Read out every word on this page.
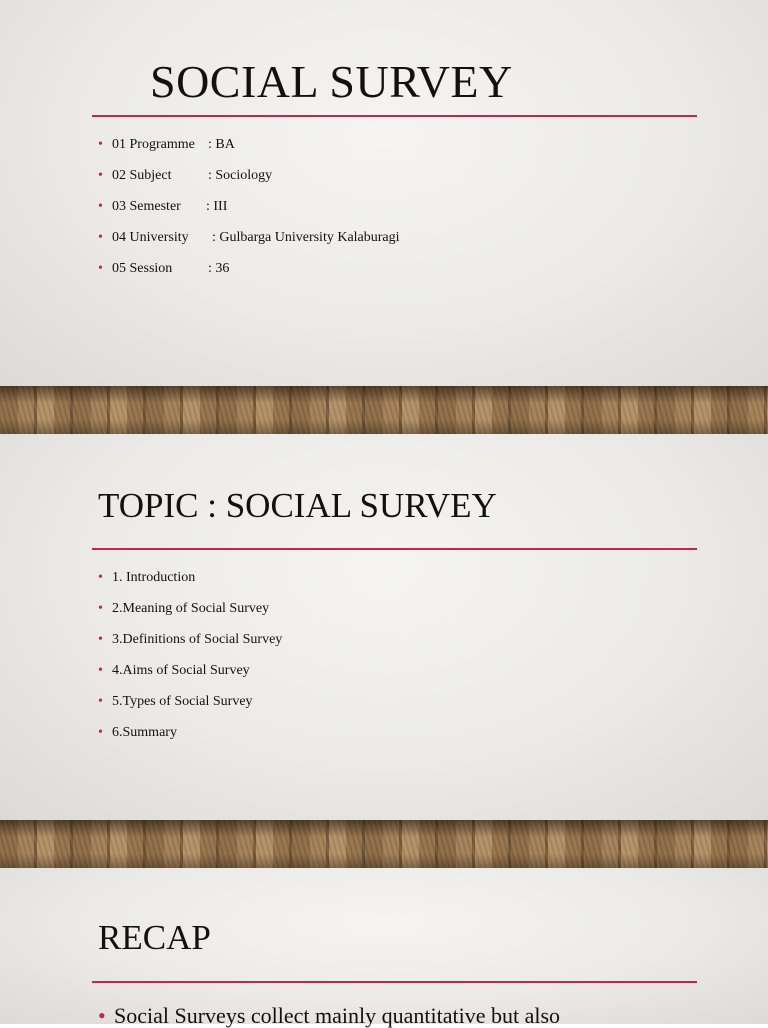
SOCIAL SURVEY
• 01 Programme : BA
• 02 Subject	: Sociology
• 03 Semester : III
• 04 University : Gulbarga University Kalaburagi
• 05 Session	: 36
TOPIC : SOCIAL SURVEY
• 1. Introduction
• 2.Meaning of Social Survey
• 3.Definitions of Social Survey
• 4.Aims of Social Survey
• 5.Types of Social Survey
• 6.Summary
RECAP
• Social Surveys collect mainly quantitative but also
